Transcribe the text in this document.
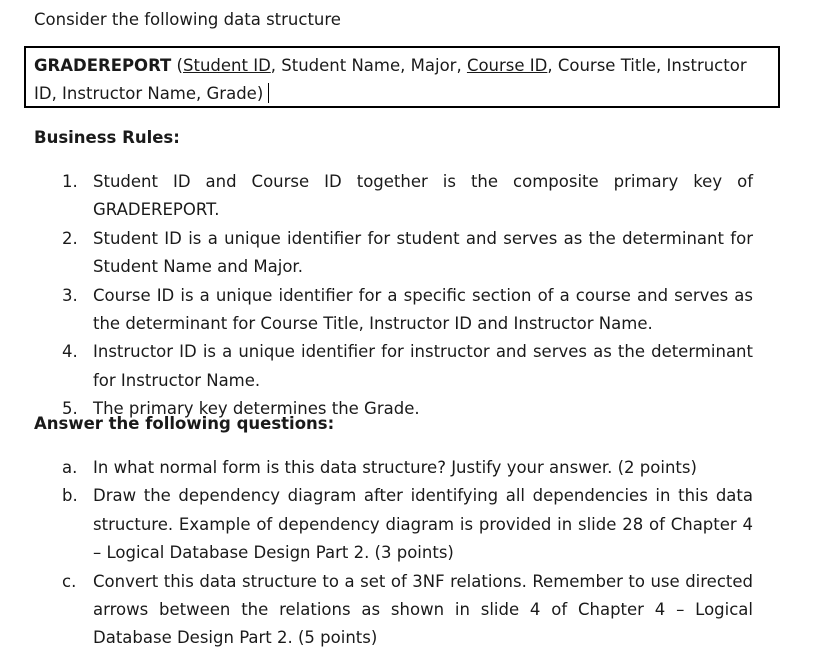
Consider the following data structure
GRADEREPORT (Student ID, Student Name, Major, Course ID, Course Title, Instructor ID, Instructor Name, Grade)
Business Rules:
1. Student ID and Course ID together is the composite primary key of GRADEREPORT.
2. Student ID is a unique identifier for student and serves as the determinant for Student Name and Major.
3. Course ID is a unique identifier for a specific section of a course and serves as the determinant for Course Title, Instructor ID and Instructor Name.
4. Instructor ID is a unique identifier for instructor and serves as the determinant for Instructor Name.
5. The primary key determines the Grade.
Answer the following questions:
a. In what normal form is this data structure? Justify your answer. (2 points)
b. Draw the dependency diagram after identifying all dependencies in this data structure. Example of dependency diagram is provided in slide 28 of Chapter 4 – Logical Database Design Part 2. (3 points)
c. Convert this data structure to a set of 3NF relations. Remember to use directed arrows between the relations as shown in slide 4 of Chapter 4 – Logical Database Design Part 2. (5 points)
